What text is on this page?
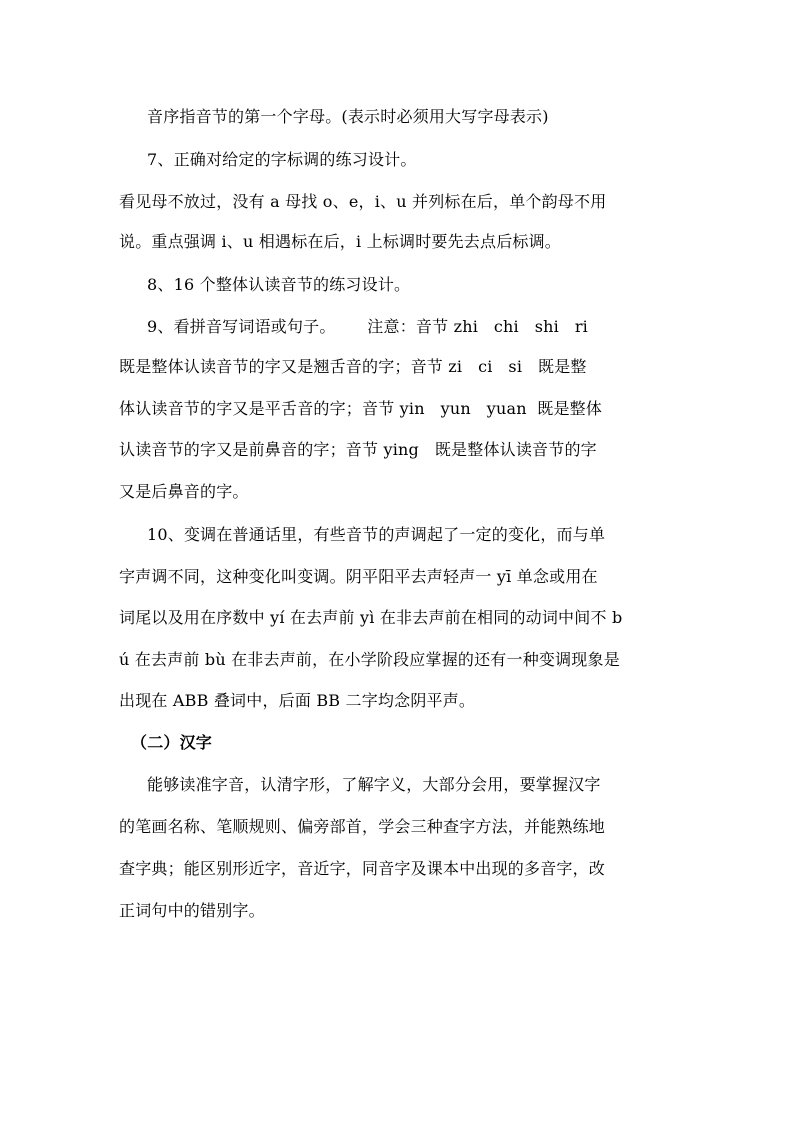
音序指音节的第一个字母。(表示时必须用大写字母表示)
7、正确对给定的字标调的练习设计。
看见母不放过，没有 a 母找 o、e，i、u 并列标在后，单个韵母不用
说。重点强调 i、u 相遇标在后，i 上标调时要先去点后标调。
8、16 个整体认读音节的练习设计。
9、看拼音写词语或句子。      注意：音节 zhi   chi   shi   ri
既是整体认读音节的字又是翘舌音的字；音节 zi   ci   si   既是整
体认读音节的字又是平舌音的字；音节 yin   yun   yuan  既是整体
认读音节的字又是前鼻音的字；音节 ying   既是整体认读音节的字
又是后鼻音的字。
10、变调在普通话里，有些音节的声调起了一定的变化，而与单
字声调不同，这种变化叫变调。阴平阳平去声轻声一 yī 单念或用在
词尾以及用在序数中 yí 在去声前 yì 在非去声前在相同的动词中间不 b
ú 在去声前 bù 在非去声前，在小学阶段应掌握的还有一种变调现象是
出现在 ABB 叠词中，后面 BB 二字均念阴平声。
（二）汉字
能够读准字音，认清字形，了解字义，大部分会用，要掌握汉字
的笔画名称、笔顺规则、偏旁部首，学会三种查字方法，并能熟练地
查字典；能区别形近字，音近字，同音字及课本中出现的多音字，改
正词句中的错别字。
